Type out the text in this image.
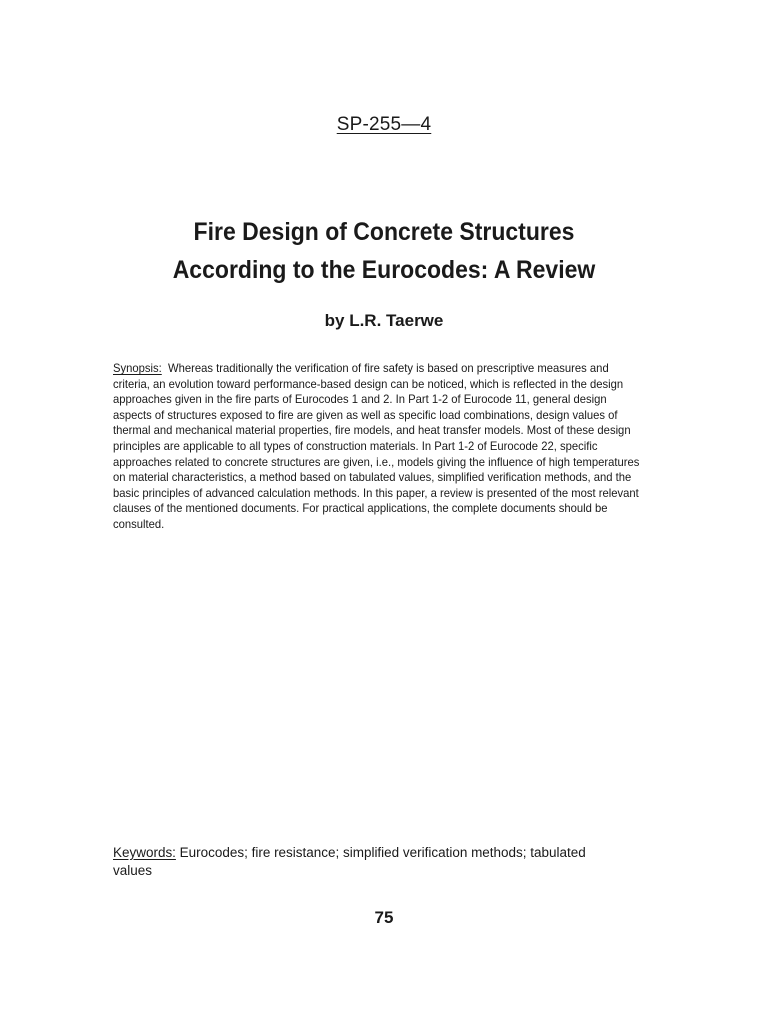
SP-255—4
Fire Design of Concrete Structures
According to the Eurocodes: A Review
by L.R. Taerwe
Synopsis: Whereas traditionally the verification of fire safety is based on prescriptive measures and criteria, an evolution toward performance-based design can be noticed, which is reflected in the design approaches given in the fire parts of Eurocodes 1 and 2. In Part 1-2 of Eurocode 11, general design aspects of structures exposed to fire are given as well as specific load combinations, design values of thermal and mechanical material properties, fire models, and heat transfer models. Most of these design principles are applicable to all types of construction materials. In Part 1-2 of Eurocode 22, specific approaches related to concrete structures are given, i.e., models giving the influence of high temperatures on material characteristics, a method based on tabulated values, simplified verification methods, and the basic principles of advanced calculation methods. In this paper, a review is presented of the most relevant clauses of the mentioned documents. For practical applications, the complete documents should be consulted.
Keywords: Eurocodes; fire resistance; simplified verification methods; tabulated values
75
